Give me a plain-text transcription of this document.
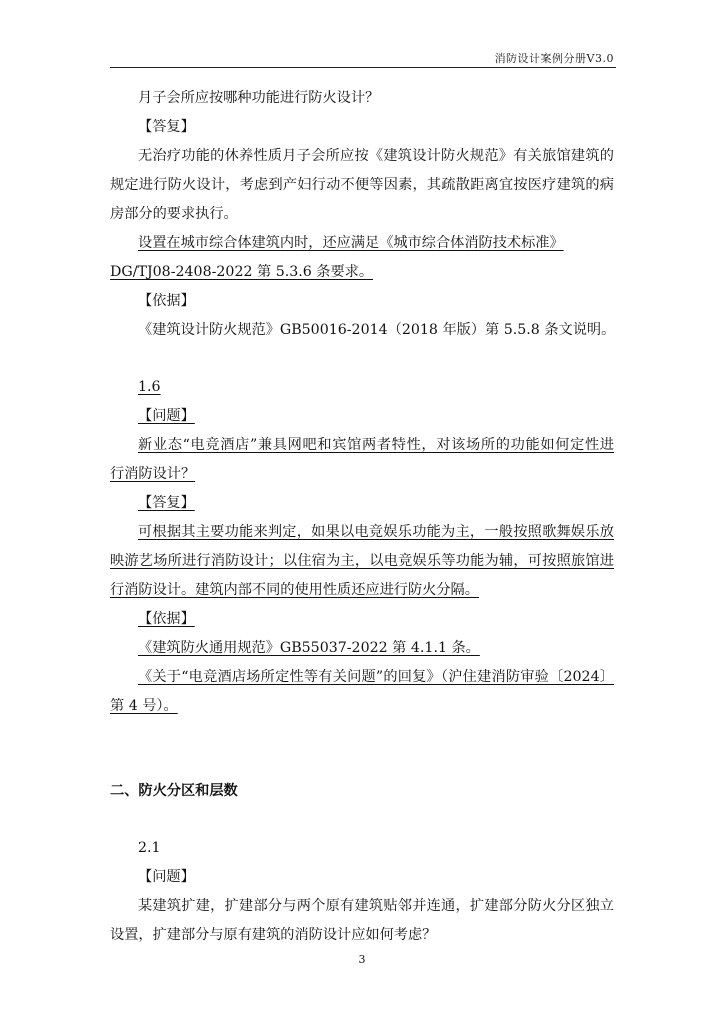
消防设计案例分册V3.0
月子会所应按哪种功能进行防火设计？
【答复】
无治疗功能的休养性质月子会所应按《建筑设计防火规范》有关旅馆建筑的
规定进行防火设计，考虑到产妇行动不便等因素，其疏散距离宜按医疗建筑的病
房部分的要求执行。
设置在城市综合体建筑内时，还应满足《城市综合体消防技术标准》
DG/TJ08-2408-2022 第 5.3.6 条要求。
【依据】
《建筑设计防火规范》GB50016-2014（2018 年版）第 5.5.8 条文说明。
1.6
【问题】
新业态“电竞酒店”兼具网吧和宾馆两者特性，对该场所的功能如何定性进
行消防设计？
【答复】
可根据其主要功能来判定，如果以电竞娱乐功能为主，一般按照歌舞娱乐放
映游艺场所进行消防设计；以住宿为主，以电竞娱乐等功能为辅，可按照旅馆进
行消防设计。建筑内部不同的使用性质还应进行防火分隔。
【依据】
《建筑防火通用规范》GB55037-2022 第 4.1.1 条。
《关于“电竞酒店场所定性等有关问题”的回复》（沪住建消防审验〔2024〕
第 4 号）。
二、防火分区和层数
2.1
【问题】
某建筑扩建，扩建部分与两个原有建筑贴邻并连通，扩建部分防火分区独立
设置，扩建部分与原有建筑的消防设计应如何考虑？
3
